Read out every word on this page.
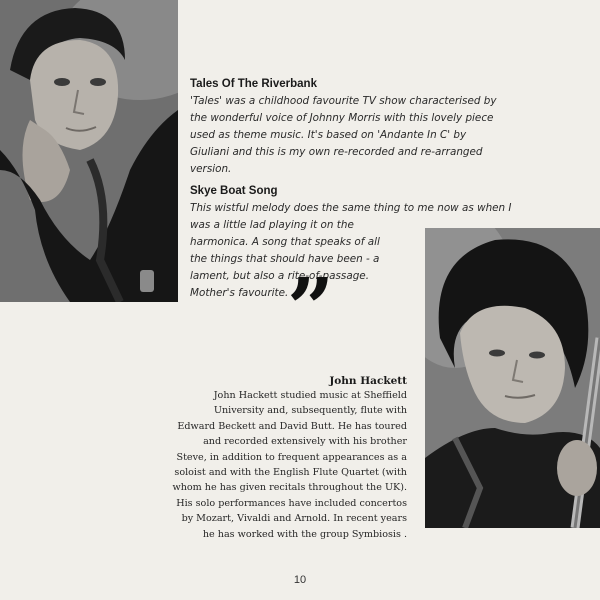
Tales Of The Riverbank

'Tales' was a childhood favourite TV show characterised by
the wonderful voice of Johnny Morris with this lovely piece
used as theme music. It's based on 'Andante In C' by
Giuliani and this is my own re-recorded and re-arranged
version.

Skye Boat Song

This wistful melody does the same thing to me now as when I
was a little lad playing it on the
harmonica. A song that speaks of all
the things that should have been - a
lament, but also a rite-of-passage.
Mother's favourite.

”
John Hackett

John Hackett studied music at Sheffield
University and, subsequently, flute with
Edward Beckett and David Butt. He has toured
and recorded extensively with his brother
Steve, in addition to frequent appearances as a
soloist and with the English Flute Quartet (with
whom he has given recitals throughout the UK).
His solo performances have included concertos
by Mozart, Vivaldi and Arnold. In recent years
he has worked with the group Symbiosis .

10
